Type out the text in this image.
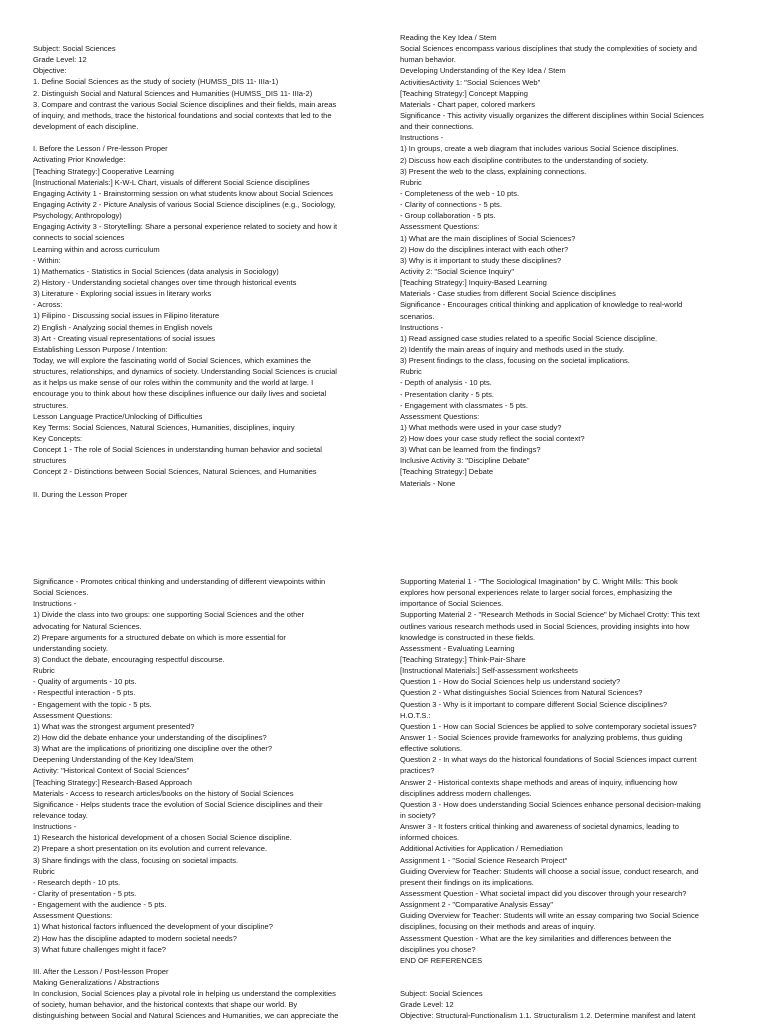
Subject: Social Sciences
Grade Level: 12
Objective:
1. Define Social Sciences as the study of society (HUMSS_DIS 11- IIIa-1)
2. Distinguish Social and Natural Sciences and Humanities (HUMSS_DIS 11- IIIa-2)
3. Compare and contrast the various Social Science disciplines and their fields, main areas
of inquiry, and methods, trace the historical foundations and social contexts that led to the
development of each discipline.
I. Before the Lesson / Pre-lesson Proper
Activating Prior Knowledge:
[Teaching Strategy:] Cooperative Learning
[Instructional Materials:] K-W-L Chart, visuals of different Social Science disciplines
Engaging Activity 1 - Brainstorming session on what students know about Social Sciences
Engaging Activity 2 - Picture Analysis of various Social Science disciplines (e.g., Sociology,
Psychology, Anthropology)
Engaging Activity 3 - Storytelling: Share a personal experience related to society and how it
connects to social sciences
Learning within and across curriculum
- Within:
1) Mathematics - Statistics in Social Sciences (data analysis in Sociology)
2) History - Understanding societal changes over time through historical events
3) Literature - Exploring social issues in literary works
- Across:
1) Filipino - Discussing social issues in Filipino literature
2) English - Analyzing social themes in English novels
3) Art - Creating visual representations of social issues
Establishing Lesson Purpose / Intention:
Today, we will explore the fascinating world of Social Sciences, which examines the
structures, relationships, and dynamics of society. Understanding Social Sciences is crucial
as it helps us make sense of our roles within the community and the world at large. I
encourage you to think about how these disciplines influence our daily lives and societal
structures.
Lesson Language Practice/Unlocking of Difficulties
Key Terms: Social Sciences, Natural Sciences, Humanities, disciplines, inquiry
Key Concepts:
Concept 1 - The role of Social Sciences in understanding human behavior and societal
structures
Concept 2 - Distinctions between Social Sciences, Natural Sciences, and Humanities
II. During the Lesson Proper
Reading the Key Idea / Stem
Social Sciences encompass various disciplines that study the complexities of society and
human behavior.
Developing Understanding of the Key Idea / Stem
ActivitiesActivity 1: "Social Sciences Web"
[Teaching Strategy:] Concept Mapping
Materials - Chart paper, colored markers
Significance - This activity visually organizes the different disciplines within Social Sciences
and their connections.
Instructions -
1) In groups, create a web diagram that includes various Social Science disciplines.
2) Discuss how each discipline contributes to the understanding of society.
3) Present the web to the class, explaining connections.
Rubric
- Completeness of the web - 10 pts.
- Clarity of connections - 5 pts.
- Group collaboration - 5 pts.
Assessment Questions:
1) What are the main disciplines of Social Sciences?
2) How do the disciplines interact with each other?
3) Why is it important to study these disciplines?
Activity 2: "Social Science Inquiry"
[Teaching Strategy:] Inquiry-Based Learning
Materials - Case studies from different Social Science disciplines
Significance - Encourages critical thinking and application of knowledge to real-world
scenarios.
Instructions -
1) Read assigned case studies related to a specific Social Science discipline.
2) Identify the main areas of inquiry and methods used in the study.
3) Present findings to the class, focusing on the societal implications.
Rubric
- Depth of analysis - 10 pts.
- Presentation clarity - 5 pts.
- Engagement with classmates - 5 pts.
Assessment Questions:
1) What methods were used in your case study?
2) How does your case study reflect the social context?
3) What can be learned from the findings?
Inclusive Activity 3: "Discipline Debate"
[Teaching Strategy:] Debate
Materials - None
Significance - Promotes critical thinking and understanding of different viewpoints within
Social Sciences.
Instructions -
1) Divide the class into two groups: one supporting Social Sciences and the other
advocating for Natural Sciences.
2) Prepare arguments for a structured debate on which is more essential for
understanding society.
3) Conduct the debate, encouraging respectful discourse.
Rubric
- Quality of arguments - 10 pts.
- Respectful interaction - 5 pts.
- Engagement with the topic - 5 pts.
Assessment Questions:
1) What was the strongest argument presented?
2) How did the debate enhance your understanding of the disciplines?
3) What are the implications of prioritizing one discipline over the other?
Deepening Understanding of the Key Idea/Stem
Activity: "Historical Context of Social Sciences"
[Teaching Strategy:] Research-Based Approach
Materials - Access to research articles/books on the history of Social Sciences
Significance - Helps students trace the evolution of Social Science disciplines and their
relevance today.
Instructions -
1) Research the historical development of a chosen Social Science discipline.
2) Prepare a short presentation on its evolution and current relevance.
3) Share findings with the class, focusing on societal impacts.
Rubric
- Research depth - 10 pts.
- Clarity of presentation - 5 pts.
- Engagement with the audience - 5 pts.
Assessment Questions:
1) What historical factors influenced the development of your discipline?
2) How has the discipline adapted to modern societal needs?
3) What future challenges might it face?
III. After the Lesson / Post-lesson Proper
Making Generalizations / Abstractions
In conclusion, Social Sciences play a pivotal role in helping us understand the complexities
of society, human behavior, and the historical contexts that shape our world. By
distinguishing between Social and Natural Sciences and Humanities, we can appreciate the
Supporting Material 1 - "The Sociological Imagination" by C. Wright Mills: This book
explores how personal experiences relate to larger social forces, emphasizing the
importance of Social Sciences.
Supporting Material 2 - "Research Methods in Social Science" by Michael Crotty: This text
outlines various research methods used in Social Sciences, providing insights into how
knowledge is constructed in these fields.
Assessment - Evaluating Learning
[Teaching Strategy:] Think-Pair-Share
[Instructional Materials:] Self-assessment worksheets
Question 1 - How do Social Sciences help us understand society?
Question 2 - What distinguishes Social Sciences from Natural Sciences?
Question 3 - Why is it important to compare different Social Science disciplines?
H.O.T.S.:
Question 1 - How can Social Sciences be applied to solve contemporary societal issues?
Answer 1 - Social Sciences provide frameworks for analyzing problems, thus guiding
effective solutions.
Question 2 - In what ways do the historical foundations of Social Sciences impact current
practices?
Answer 2 - Historical contexts shape methods and areas of inquiry, influencing how
disciplines address modern challenges.
Question 3 - How does understanding Social Sciences enhance personal decision-making
in society?
Answer 3 - It fosters critical thinking and awareness of societal dynamics, leading to
informed choices.
Additional Activities for Application / Remediation
Assignment 1 - "Social Science Research Project"
Guiding Overview for Teacher: Students will choose a social issue, conduct research, and
present their findings on its implications.
Assessment Question - What societal impact did you discover through your research?
Assignment 2 - "Comparative Analysis Essay"
Guiding Overview for Teacher: Students will write an essay comparing two Social Science
disciplines, focusing on their methods and areas of inquiry.
Assessment Question - What are the key similarities and differences between the
disciplines you chose?
END OF REFERENCES
Subject: Social Sciences
Grade Level: 12
Objective: Structural-Functionalism 1.1. Structuralism 1.2. Determine manifest and latent
